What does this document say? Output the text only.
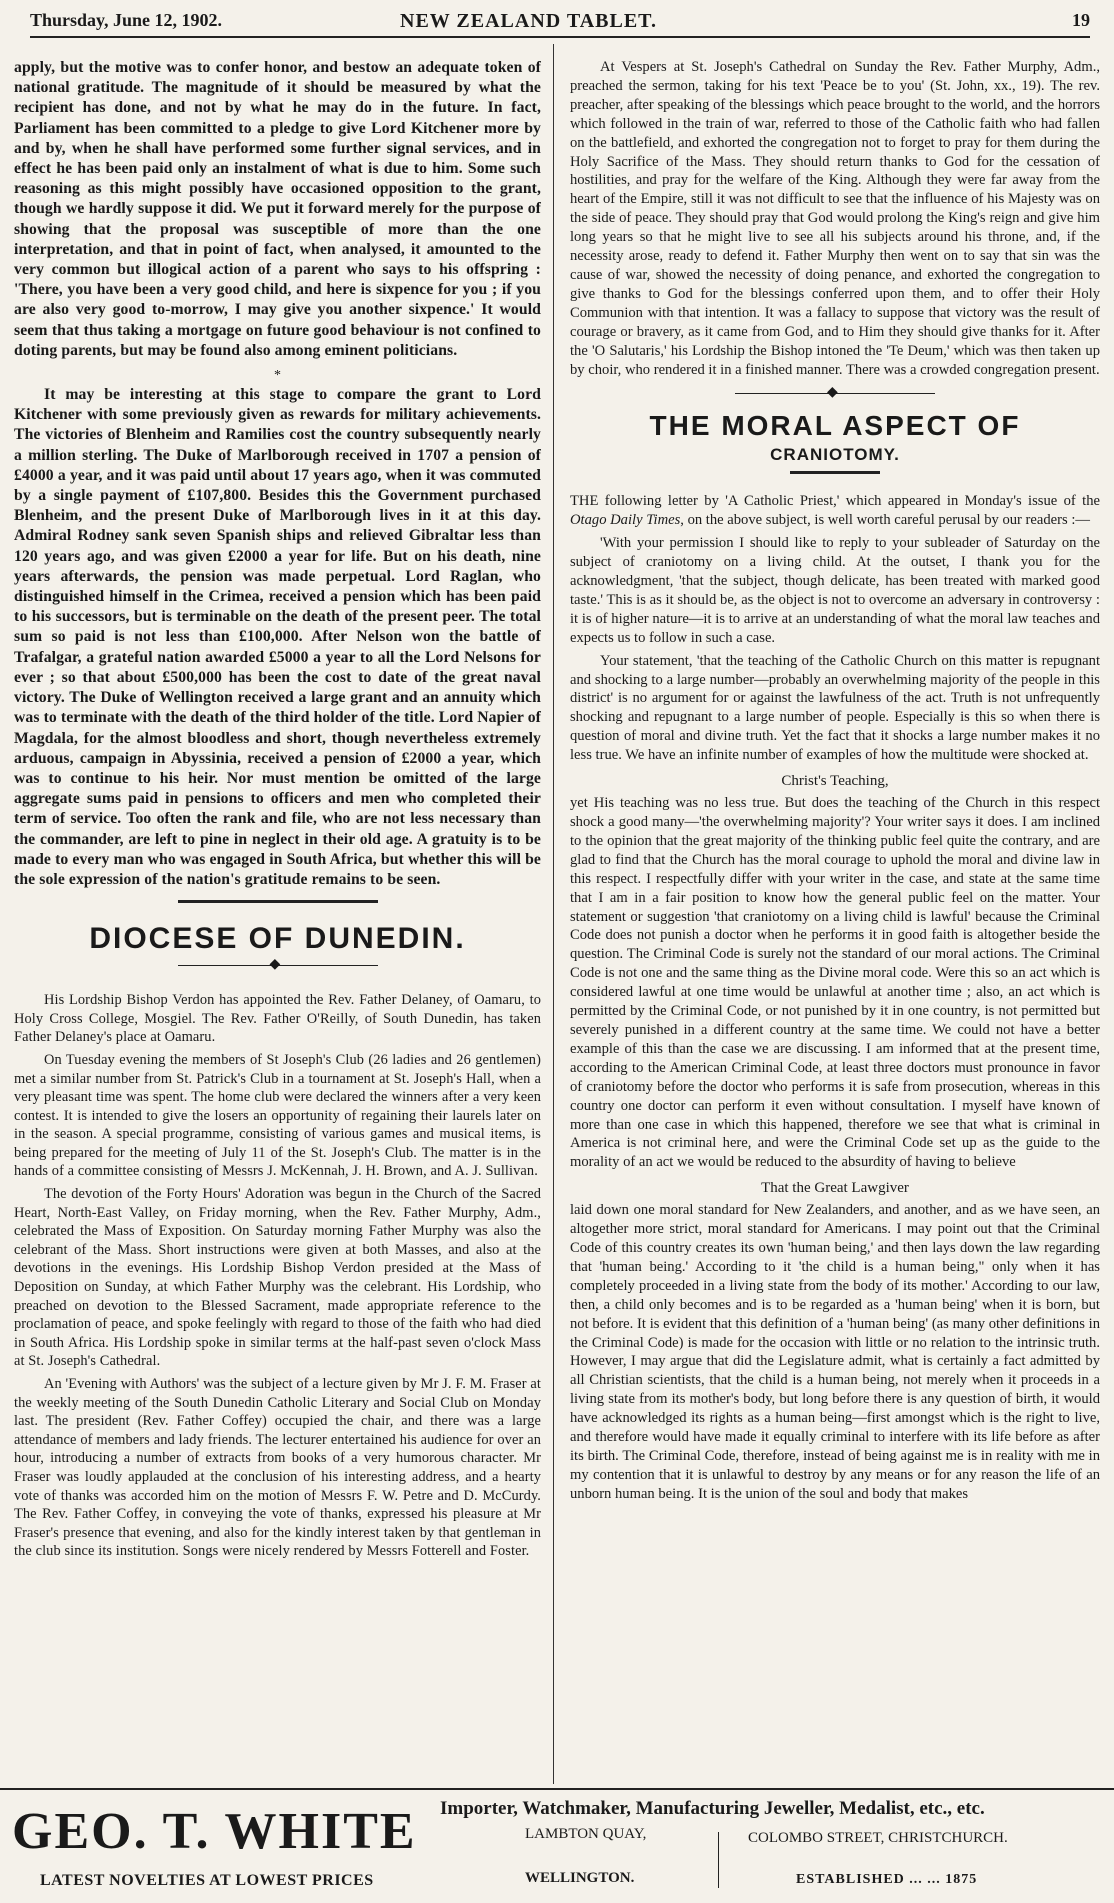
Thursday, June 12, 1902.	NEW ZEALAND TABLET.	19

apply, but the motive was to confer honor, and bestow an adequate token of national gratitude. The magnitude of it should be measured by what the recipient has done, and not by what he may do in the future. In fact, Parliament has been committed to a pledge to give Lord Kitchener more by and by, when he shall have performed some further signal services, and in effect he has been paid only an instalment of what is due to him. Some such reasoning as this might possibly have occasioned opposition to the grant, though we hardly suppose it did. We put it forward merely for the purpose of showing that the proposal was susceptible of more than the one interpretation, and that in point of fact, when analysed, it amounted to the very common but illogical action of a parent who says to his offspring : 'There, you have been a very good child, and here is sixpence for you ; if you are also very good to-morrow, I may give you another sixpence.' It would seem that thus taking a mortgage on future good behaviour is not confined to doting parents, but may be found also among eminent politicians.

*

It may be interesting at this stage to compare the grant to Lord Kitchener with some previously given as rewards for military achievements. The victories of Blenheim and Ramilies cost the country subsequently nearly a million sterling. The Duke of Marlborough received in 1707 a pension of £4000 a year, and it was paid until about 17 years ago, when it was commuted by a single payment of £107,800. Besides this the Government purchased Blenheim, and the present Duke of Marlborough lives in it at this day. Admiral Rodney sank seven Spanish ships and relieved Gibraltar less than 120 years ago, and was given £2000 a year for life. But on his death, nine years afterwards, the pension was made perpetual. Lord Raglan, who distinguished himself in the Crimea, received a pension which has been paid to his successors, but is terminable on the death of the present peer. The total sum so paid is not less than £100,000. After Nelson won the battle of Trafalgar, a grateful nation awarded £5000 a year to all the Lord Nelsons for ever ; so that about £500,000 has been the cost to date of the great naval victory. The Duke of Wellington received a large grant and an annuity which was to terminate with the death of the third holder of the title. Lord Napier of Magdala, for the almost bloodless and short, though nevertheless extremely arduous, campaign in Abyssinia, received a pension of £2000 a year, which was to continue to his heir. Nor must mention be omitted of the large aggregate sums paid in pensions to officers and men who completed their term of service. Too often the rank and file, who are not less necessary than the commander, are left to pine in neglect in their old age. A gratuity is to be made to every man who was engaged in South Africa, but whether this will be the sole expression of the nation's gratitude remains to be seen.

DIOCESE OF DUNEDIN.
◆

His Lordship Bishop Verdon has appointed the Rev. Father Delaney, of Oamaru, to Holy Cross College, Mosgiel. The Rev. Father O'Reilly, of South Dunedin, has taken Father Delaney's place at Oamaru.

On Tuesday evening the members of St Joseph's Club (26 ladies and 26 gentlemen) met a similar number from St. Patrick's Club in a tournament at St. Joseph's Hall, when a very pleasant time was spent. The home club were declared the winners after a very keen contest. It is intended to give the losers an opportunity of regaining their laurels later on in the season. A special programme, consisting of various games and musical items, is being prepared for the meeting of July 11 of the St. Joseph's Club. The matter is in the hands of a committee consisting of Messrs J. McKennah, J. H. Brown, and A. J. Sullivan.

The devotion of the Forty Hours' Adoration was begun in the Church of the Sacred Heart, North-East Valley, on Friday morning, when the Rev. Father Murphy, Adm., celebrated the Mass of Exposition. On Saturday morning Father Murphy was also the celebrant of the Mass. Short instructions were given at both Masses, and also at the devotions in the evenings. His Lordship Bishop Verdon presided at the Mass of Deposition on Sunday, at which Father Murphy was the celebrant. His Lordship, who preached on devotion to the Blessed Sacrament, made appropriate reference to the proclamation of peace, and spoke feelingly with regard to those of the faith who had died in South Africa. His Lordship spoke in similar terms at the half-past seven o'clock Mass at St. Joseph's Cathedral.

An 'Evening with Authors' was the subject of a lecture given by Mr J. F. M. Fraser at the weekly meeting of the South Dunedin Catholic Literary and Social Club on Monday last. The president (Rev. Father Coffey) occupied the chair, and there was a large attendance of members and lady friends. The lecturer entertained his audience for over an hour, introducing a number of extracts from books of a very humorous character. Mr Fraser was loudly applauded at the conclusion of his interesting address, and a hearty vote of thanks was accorded him on the motion of Messrs F. W. Petre and D. McCurdy. The Rev. Father Coffey, in conveying the vote of thanks, expressed his pleasure at Mr Fraser's presence that evening, and also for the kindly interest taken by that gentleman in the club since its institution. Songs were nicely rendered by Messrs Fotterell and Foster.

At Vespers at St. Joseph's Cathedral on Sunday the Rev. Father Murphy, Adm., preached the sermon, taking for his text 'Peace be to you' (St. John, xx., 19). The rev. preacher, after speaking of the blessings which peace brought to the world, and the horrors which followed in the train of war, referred to those of the Catholic faith who had fallen on the battlefield, and exhorted the congregation not to forget to pray for them during the Holy Sacrifice of the Mass. They should return thanks to God for the cessation of hostilities, and pray for the welfare of the King. Although they were far away from the heart of the Empire, still it was not difficult to see that the influence of his Majesty was on the side of peace. They should pray that God would prolong the King's reign and give him long years so that he might live to see all his subjects around his throne, and, if the necessity arose, ready to defend it. Father Murphy then went on to say that sin was the cause of war, showed the necessity of doing penance, and exhorted the congregation to give thanks to God for the blessings conferred upon them, and to offer their Holy Communion with that intention. It was a fallacy to suppose that victory was the result of courage or bravery, as it came from God, and to Him they should give thanks for it. After the 'O Salutaris,' his Lordship the Bishop intoned the 'Te Deum,' which was then taken up by choir, who rendered it in a finished manner. There was a crowded congregation present.

◆
THE MORAL ASPECT OF
CRANIOTOMY.

THE following letter by 'A Catholic Priest,' which appeared in Monday's issue of the Otago Daily Times, on the above subject, is well worth careful perusal by our readers :—

'With your permission I should like to reply to your subleader of Saturday on the subject of craniotomy on a living child. At the outset, I thank you for the acknowledgment, 'that the subject, though delicate, has been treated with marked good taste.' This is as it should be, as the object is not to overcome an adversary in controversy : it is of higher nature—it is to arrive at an understanding of what the moral law teaches and expects us to follow in such a case.

Your statement, 'that the teaching of the Catholic Church on this matter is repugnant and shocking to a large number—probably an overwhelming majority of the people in this district' is no argument for or against the lawfulness of the act. Truth is not unfrequently shocking and repugnant to a large number of people. Especially is this so when there is question of moral and divine truth. Yet the fact that it shocks a large number makes it no less true. We have an infinite number of examples of how the multitude were shocked at.

Christ's Teaching,

yet His teaching was no less true. But does the teaching of the Church in this respect shock a good many—'the overwhelming majority'? Your writer says it does. I am inclined to the opinion that the great majority of the thinking public feel quite the contrary, and are glad to find that the Church has the moral courage to uphold the moral and divine law in this respect. I respectfully differ with your writer in the case, and state at the same time that I am in a fair position to know how the general public feel on the matter. Your statement or suggestion 'that craniotomy on a living child is lawful' because the Criminal Code does not punish a doctor when he performs it in good faith is altogether beside the question. The Criminal Code is surely not the standard of our moral actions. The Criminal Code is not one and the same thing as the Divine moral code. Were this so an act which is considered lawful at one time would be unlawful at another time ; also, an act which is permitted by the Criminal Code, or not punished by it in one country, is not permitted but severely punished in a different country at the same time. We could not have a better example of this than the case we are discussing. I am informed that at the present time, according to the American Criminal Code, at least three doctors must pronounce in favor of craniotomy before the doctor who performs it is safe from prosecution, whereas in this country one doctor can perform it even without consultation. I myself have known of more than one case in which this happened, therefore we see that what is criminal in America is not criminal here, and were the Criminal Code set up as the guide to the morality of an act we would be reduced to the absurdity of having to believe

That the Great Lawgiver

laid down one moral standard for New Zealanders, and another, and as we have seen, an altogether more strict, moral standard for Americans. I may point out that the Criminal Code of this country creates its own 'human being,' and then lays down the law regarding that 'human being.' According to it 'the child is a human being," only when it has completely proceeded in a living state from the body of its mother.' According to our law, then, a child only becomes and is to be regarded as a 'human being' when it is born, but not before. It is evident that this definition of a 'human being' (as many other definitions in the Criminal Code) is made for the occasion with little or no relation to the intrinsic truth. However, I may argue that did the Legislature admit, what is certainly a fact admitted by all Christian scientists, that the child is a human being, not merely when it proceeds in a living state from its mother's body, but long before there is any question of birth, it would have acknowledged its rights as a human being—first amongst which is the right to live, and therefore would have made it equally criminal to interfere with its life before as after its birth. The Criminal Code, therefore, instead of being against me is in reality with me in my contention that it is unlawful to destroy by any means or for any reason the life of an unborn human being. It is the union of the soul and body that makes

GEO. T. WHITE
LATEST NOVELTIES AT LOWEST PRICES
Importer, Watchmaker, Manufacturing Jeweller, Medalist, etc., etc.
LAMBTON QUAY,
WELLINGTON.
COLOMBO STREET, CHRISTCHURCH.
ESTABLISHED ... ... 1875
